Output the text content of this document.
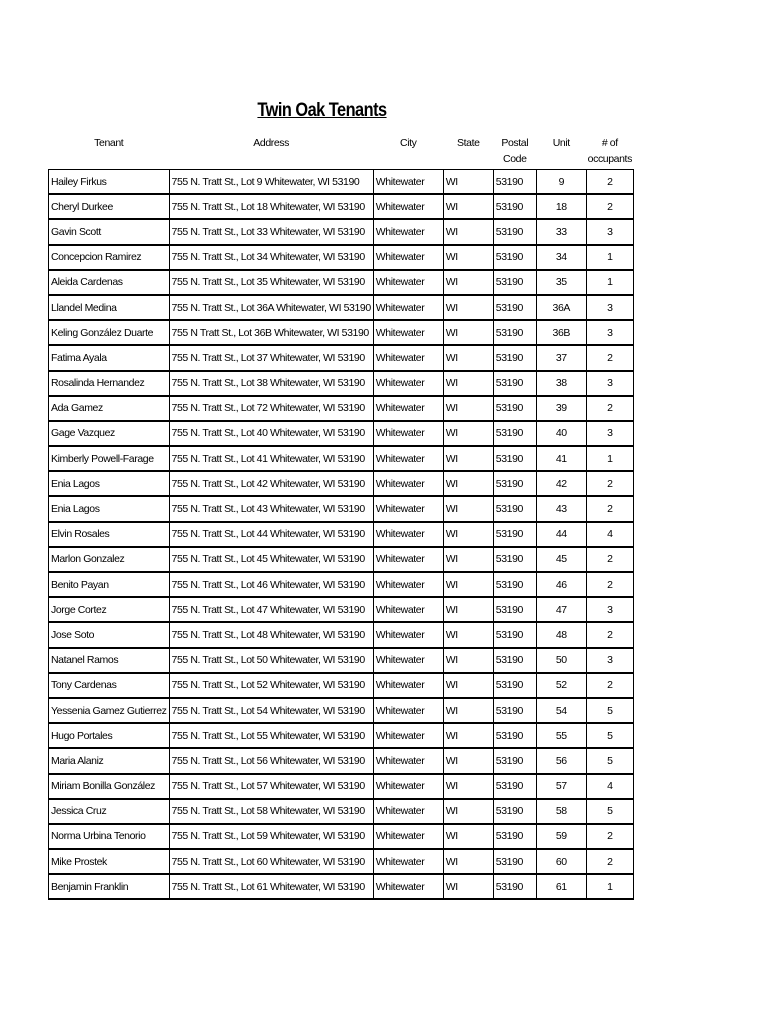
Twin Oak Tenants
Tenant	Address	City	State	Postal Code	Unit	# of occupants
Hailey Firkus	755 N. Tratt St., Lot 9 Whitewater, WI 53190	Whitewater	WI	53190	9	2
Cheryl Durkee	755 N. Tratt St., Lot 18 Whitewater, WI 53190	Whitewater	WI	53190	18	2
Gavin Scott	755 N. Tratt St., Lot 33 Whitewater, WI 53190	Whitewater	WI	53190	33	3
Concepcion Ramirez	755 N. Tratt St., Lot 34 Whitewater, WI 53190	Whitewater	WI	53190	34	1
Aleida Cardenas	755 N. Tratt St., Lot 35 Whitewater, WI 53190	Whitewater	WI	53190	35	1
Llandel Medina	755 N. Tratt St., Lot 36A Whitewater, WI 53190	Whitewater	WI	53190	36A	3
Keling González Duarte	755 N Tratt St., Lot 36B Whitewater, WI 53190	Whitewater	WI	53190	36B	3
Fatima Ayala	755 N. Tratt St., Lot 37 Whitewater, WI 53190	Whitewater	WI	53190	37	2
Rosalinda Hernandez	755 N. Tratt St., Lot 38 Whitewater, WI 53190	Whitewater	WI	53190	38	3
Ada Gamez	755 N. Tratt St., Lot 72 Whitewater, WI 53190	Whitewater	WI	53190	39	2
Gage Vazquez	755 N. Tratt St., Lot 40 Whitewater, WI 53190	Whitewater	WI	53190	40	3
Kimberly Powell-Farage	755 N. Tratt St., Lot 41 Whitewater, WI 53190	Whitewater	WI	53190	41	1
Enia Lagos	755 N. Tratt St., Lot 42 Whitewater, WI 53190	Whitewater	WI	53190	42	2
Enia Lagos	755 N. Tratt St., Lot 43 Whitewater, WI 53190	Whitewater	WI	53190	43	2
Elvin Rosales	755 N. Tratt St., Lot 44 Whitewater, WI 53190	Whitewater	WI	53190	44	4
Marlon Gonzalez	755 N. Tratt St., Lot 45 Whitewater, WI 53190	Whitewater	WI	53190	45	2
Benito Payan	755 N. Tratt St., Lot 46 Whitewater, WI 53190	Whitewater	WI	53190	46	2
Jorge Cortez	755 N. Tratt St., Lot 47 Whitewater, WI 53190	Whitewater	WI	53190	47	3
Jose Soto	755 N. Tratt St., Lot 48 Whitewater, WI 53190	Whitewater	WI	53190	48	2
Natanel Ramos	755 N. Tratt St., Lot 50 Whitewater, WI 53190	Whitewater	WI	53190	50	3
Tony Cardenas	755 N. Tratt St., Lot 52 Whitewater, WI 53190	Whitewater	WI	53190	52	2
Yessenia Gamez Gutierrez	755 N. Tratt St., Lot 54 Whitewater, WI 53190	Whitewater	WI	53190	54	5
Hugo Portales	755 N. Tratt St., Lot 55 Whitewater, WI 53190	Whitewater	WI	53190	55	5
Maria Alaniz	755 N. Tratt St., Lot 56 Whitewater, WI 53190	Whitewater	WI	53190	56	5
Miriam Bonilla González	755 N. Tratt St., Lot 57 Whitewater, WI 53190	Whitewater	WI	53190	57	4
Jessica Cruz	755 N. Tratt St., Lot 58 Whitewater, WI 53190	Whitewater	WI	53190	58	5
Norma Urbina Tenorio	755 N. Tratt St., Lot 59 Whitewater, WI 53190	Whitewater	WI	53190	59	2
Mike Prostek	755 N. Tratt St., Lot 60 Whitewater, WI 53190	Whitewater	WI	53190	60	2
Benjamin Franklin	755 N. Tratt St., Lot 61 Whitewater, WI 53190	Whitewater	WI	53190	61	1
